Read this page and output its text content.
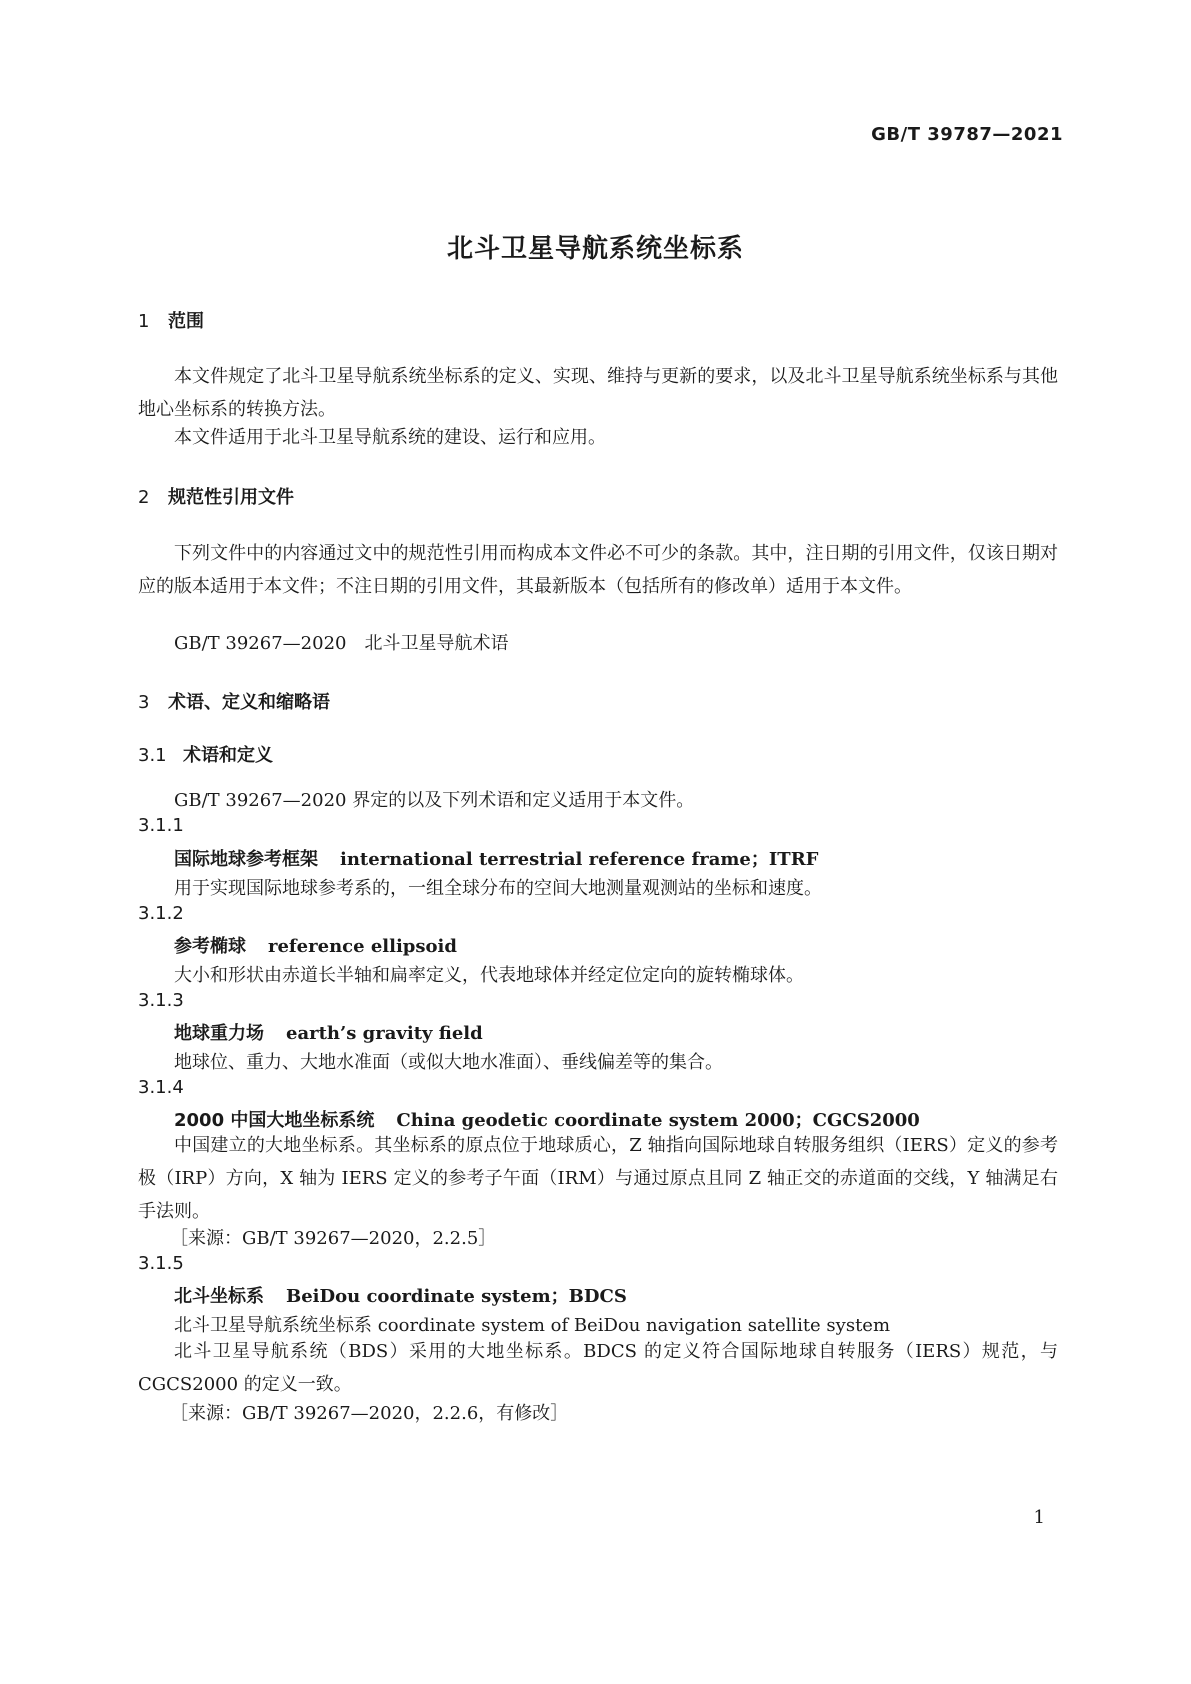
GB/T 39787—2021
北斗卫星导航系统坐标系
1 范围
本文件规定了北斗卫星导航系统坐标系的定义、实现、维持与更新的要求，以及北斗卫星导航系统坐标系与其他地心坐标系的转换方法。
本文件适用于北斗卫星导航系统的建设、运行和应用。
2 规范性引用文件
下列文件中的内容通过文中的规范性引用而构成本文件必不可少的条款。其中，注日期的引用文件，仅该日期对应的版本适用于本文件；不注日期的引用文件，其最新版本（包括所有的修改单）适用于本文件。
GB/T 39267—2020　北斗卫星导航术语
3 术语、定义和缩略语
3.1 术语和定义
GB/T 39267—2020 界定的以及下列术语和定义适用于本文件。
3.1.1
国际地球参考框架 international terrestrial reference frame；ITRF
用于实现国际地球参考系的，一组全球分布的空间大地测量观测站的坐标和速度。
3.1.2
参考椭球 reference ellipsoid
大小和形状由赤道长半轴和扁率定义，代表地球体并经定位定向的旋转椭球体。
3.1.3
地球重力场 earth’s gravity field
地球位、重力、大地水准面（或似大地水准面）、垂线偏差等的集合。
3.1.4
2000 中国大地坐标系统 China geodetic coordinate system 2000；CGCS2000
中国建立的大地坐标系。其坐标系的原点位于地球质心，Z 轴指向国际地球自转服务组织（IERS）定义的参考极（IRP）方向，X 轴为 IERS 定义的参考子午面（IRM）与通过原点且同 Z 轴正交的赤道面的交线，Y 轴满足右手法则。
［来源：GB/T 39267—2020，2.2.5］
3.1.5
北斗坐标系 BeiDou coordinate system；BDCS
北斗卫星导航系统坐标系 coordinate system of BeiDou navigation satellite system
北斗卫星导航系统（BDS）采用的大地坐标系。BDCS 的定义符合国际地球自转服务（IERS）规范，与 CGCS2000 的定义一致。
［来源：GB/T 39267—2020，2.2.6，有修改］
1
